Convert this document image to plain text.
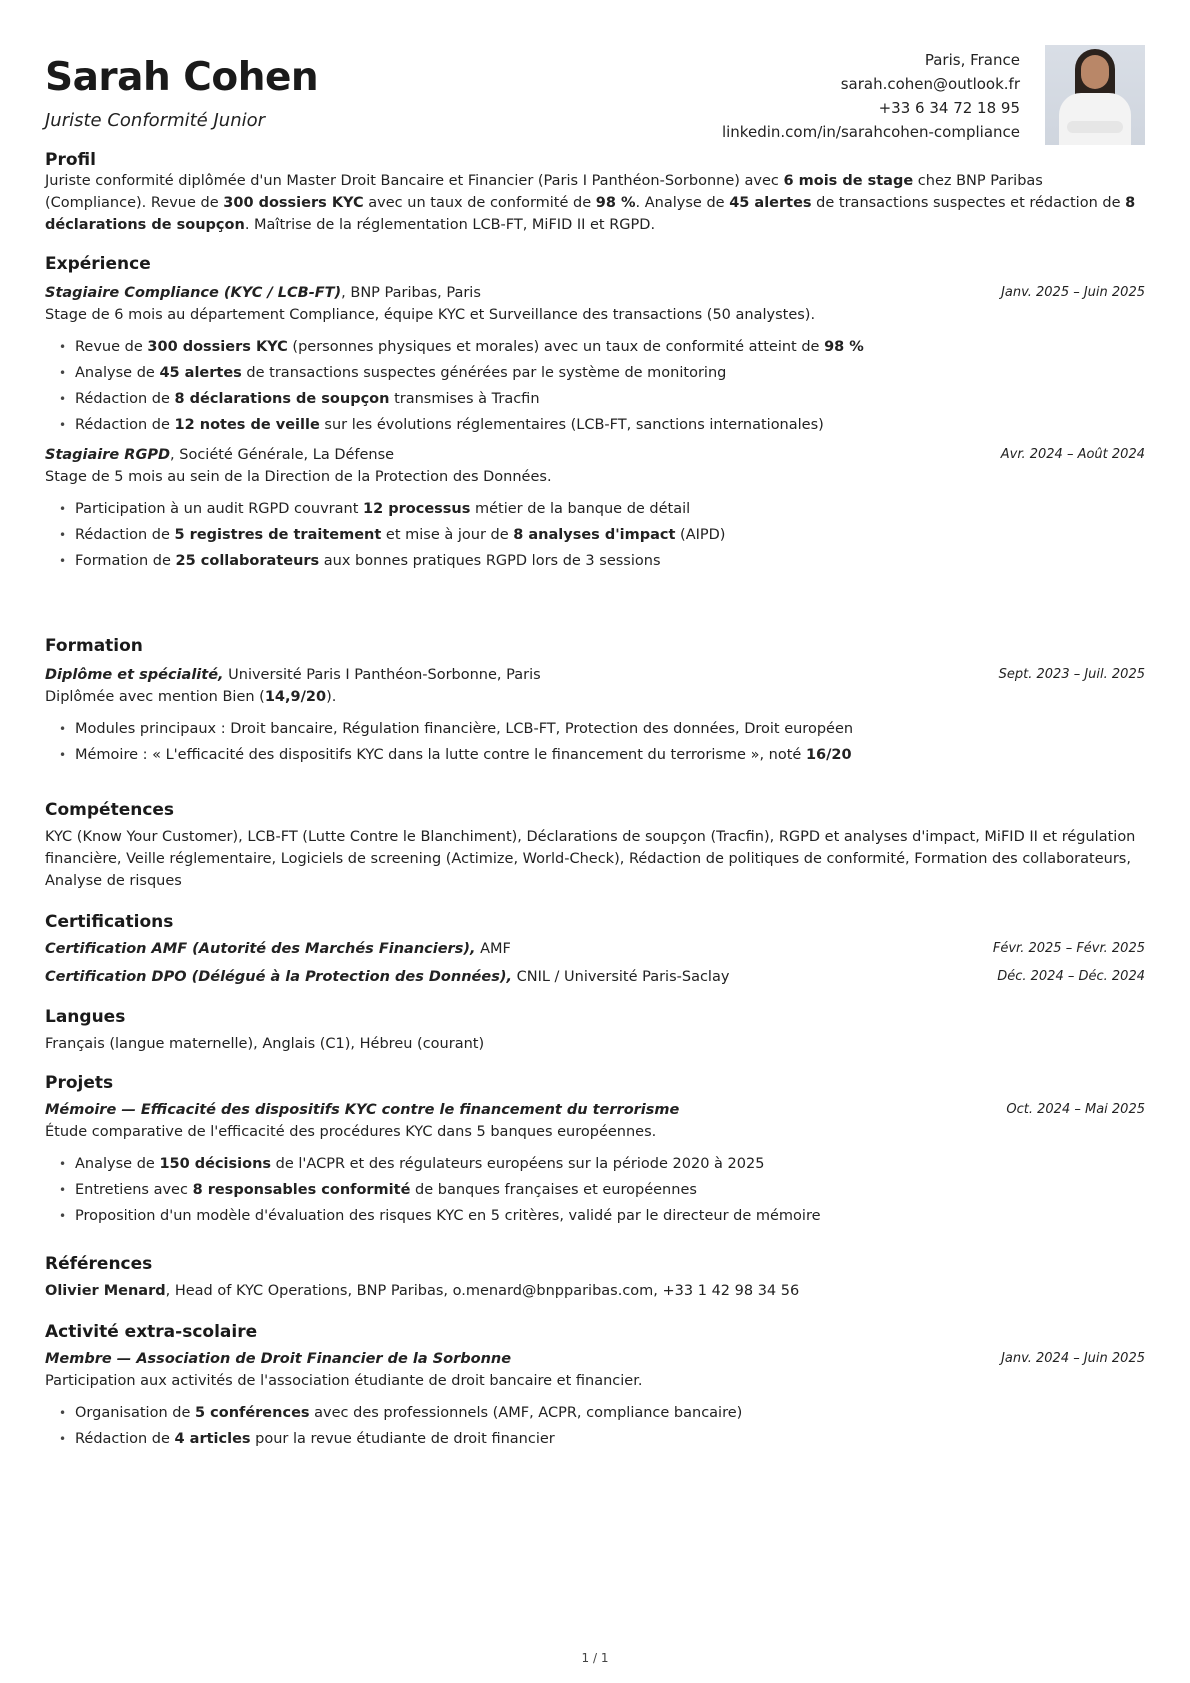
Sarah Cohen
Juriste Conformité Junior
Paris, France
sarah.cohen@outlook.fr
+33 6 34 72 18 95
linkedin.com/in/sarahcohen-compliance
Profil
Juriste conformité diplômée d'un Master Droit Bancaire et Financier (Paris I Panthéon-Sorbonne) avec 6 mois de stage chez BNP Paribas (Compliance). Revue de 300 dossiers KYC avec un taux de conformité de 98 %. Analyse de 45 alertes de transactions suspectes et rédaction de 8 déclarations de soupçon. Maîtrise de la réglementation LCB-FT, MiFID II et RGPD.
Expérience
Stagiaire Compliance (KYC / LCB-FT), BNP Paribas, Paris	Janv. 2025 – Juin 2025
Stage de 6 mois au département Compliance, équipe KYC et Surveillance des transactions (50 analystes).
• Revue de 300 dossiers KYC (personnes physiques et morales) avec un taux de conformité atteint de 98 %
• Analyse de 45 alertes de transactions suspectes générées par le système de monitoring
• Rédaction de 8 déclarations de soupçon transmises à Tracfin
• Rédaction de 12 notes de veille sur les évolutions réglementaires (LCB-FT, sanctions internationales)
Stagiaire RGPD, Société Générale, La Défense	Avr. 2024 – Août 2024
Stage de 5 mois au sein de la Direction de la Protection des Données.
• Participation à un audit RGPD couvrant 12 processus métier de la banque de détail
• Rédaction de 5 registres de traitement et mise à jour de 8 analyses d'impact (AIPD)
• Formation de 25 collaborateurs aux bonnes pratiques RGPD lors de 3 sessions
Formation
Diplôme et spécialité, Université Paris I Panthéon-Sorbonne, Paris	Sept. 2023 – Juil. 2025
Diplômée avec mention Bien (14,9/20).
• Modules principaux : Droit bancaire, Régulation financière, LCB-FT, Protection des données, Droit européen
• Mémoire : « L'efficacité des dispositifs KYC dans la lutte contre le financement du terrorisme », noté 16/20
Compétences
KYC (Know Your Customer), LCB-FT (Lutte Contre le Blanchiment), Déclarations de soupçon (Tracfin), RGPD et analyses d'impact, MiFID II et régulation financière, Veille réglementaire, Logiciels de screening (Actimize, World-Check), Rédaction de politiques de conformité, Formation des collaborateurs, Analyse de risques
Certifications
Certification AMF (Autorité des Marchés Financiers), AMF	Févr. 2025 – Févr. 2025
Certification DPO (Délégué à la Protection des Données), CNIL / Université Paris-Saclay	Déc. 2024 – Déc. 2024
Langues
Français (langue maternelle), Anglais (C1), Hébreu (courant)
Projets
Mémoire — Efficacité des dispositifs KYC contre le financement du terrorisme	Oct. 2024 – Mai 2025
Étude comparative de l'efficacité des procédures KYC dans 5 banques européennes.
• Analyse de 150 décisions de l'ACPR et des régulateurs européens sur la période 2020 à 2025
• Entretiens avec 8 responsables conformité de banques françaises et européennes
• Proposition d'un modèle d'évaluation des risques KYC en 5 critères, validé par le directeur de mémoire
Références
Olivier Menard, Head of KYC Operations, BNP Paribas, o.menard@bnpparibas.com, +33 1 42 98 34 56
Activité extra-scolaire
Membre — Association de Droit Financier de la Sorbonne	Janv. 2024 – Juin 2025
Participation aux activités de l'association étudiante de droit bancaire et financier.
• Organisation de 5 conférences avec des professionnels (AMF, ACPR, compliance bancaire)
• Rédaction de 4 articles pour la revue étudiante de droit financier
1 / 1
